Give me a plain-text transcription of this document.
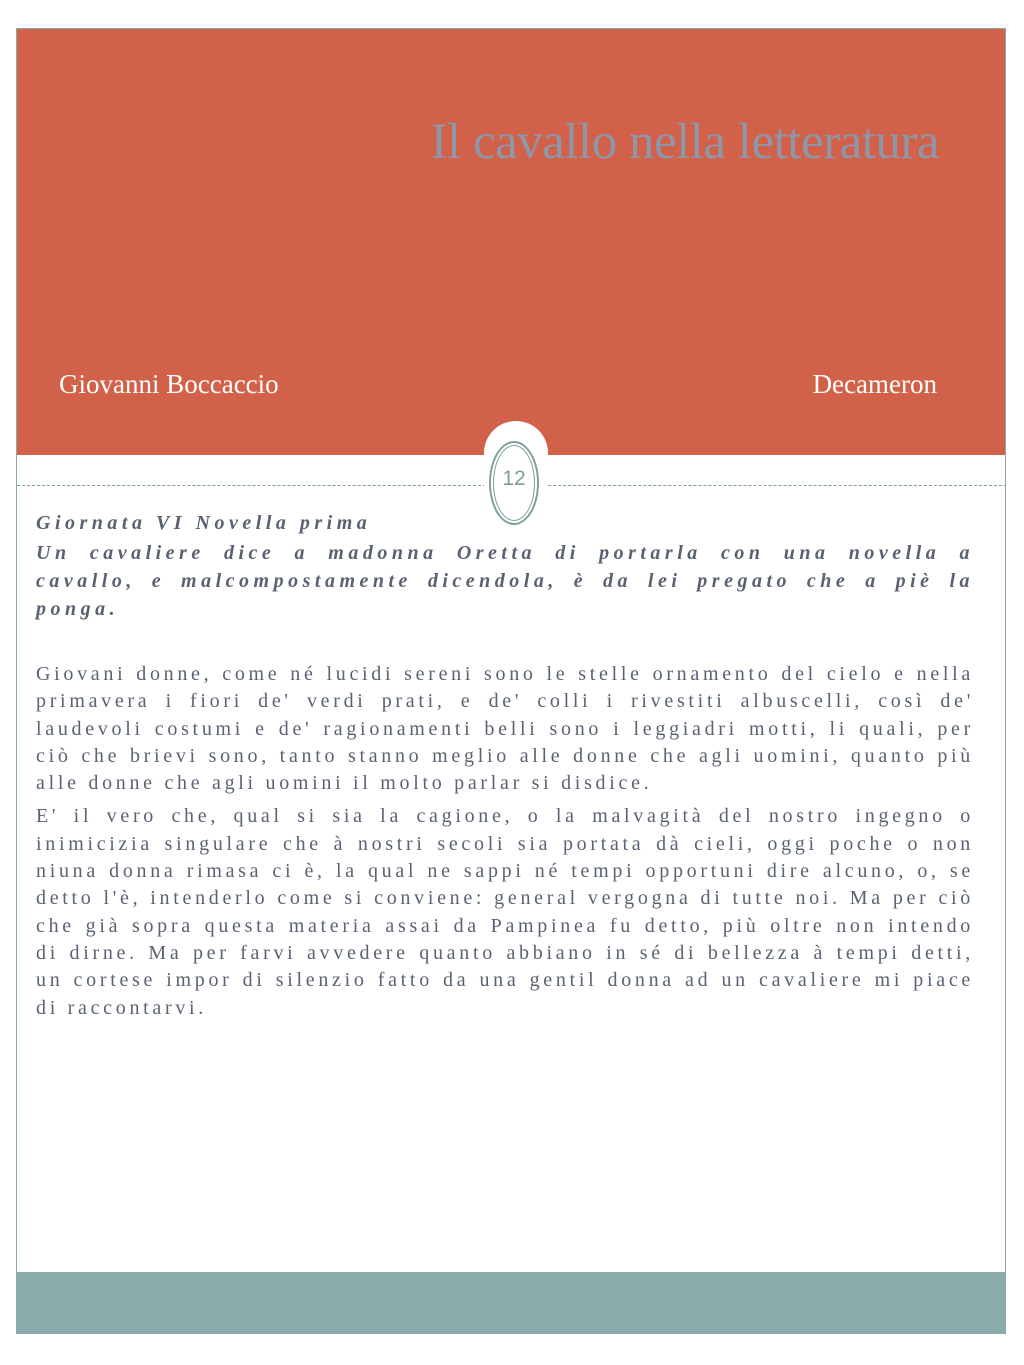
Il cavallo nella letteratura
Giovanni Boccaccio	Decameron
12
Giornata VI Novella prima

Un cavaliere dice a madonna Oretta di portarla con una novella a cavallo, e malcompostamente dicendola, è da lei pregato che a piè la ponga.

Giovani donne, come né lucidi sereni sono le stelle ornamento del cielo e nella primavera i fiori de' verdi prati, e de' colli i rivestiti albuscelli, così de' laudevoli costumi e de' ragionamenti belli sono i leggiadri motti, li quali, per ciò che brievi sono, tanto stanno meglio alle donne che agli uomini, quanto più alle donne che agli uomini il molto parlar si disdice.

E' il vero che, qual si sia la cagione, o la malvagità del nostro ingegno o inimicizia singulare che à nostri secoli sia portata dà cieli, oggi poche o non niuna donna rimasa ci è, la qual ne sappi né tempi opportuni dire alcuno, o, se detto l'è, intenderlo come si conviene: general vergogna di tutte noi. Ma per ciò che già sopra questa materia assai da Pampinea fu detto, più oltre non intendo di dirne. Ma per farvi avvedere quanto abbiano in sé di bellezza à tempi detti, un cortese impor di silenzio fatto da una gentil donna ad un cavaliere mi piace di raccontarvi.
